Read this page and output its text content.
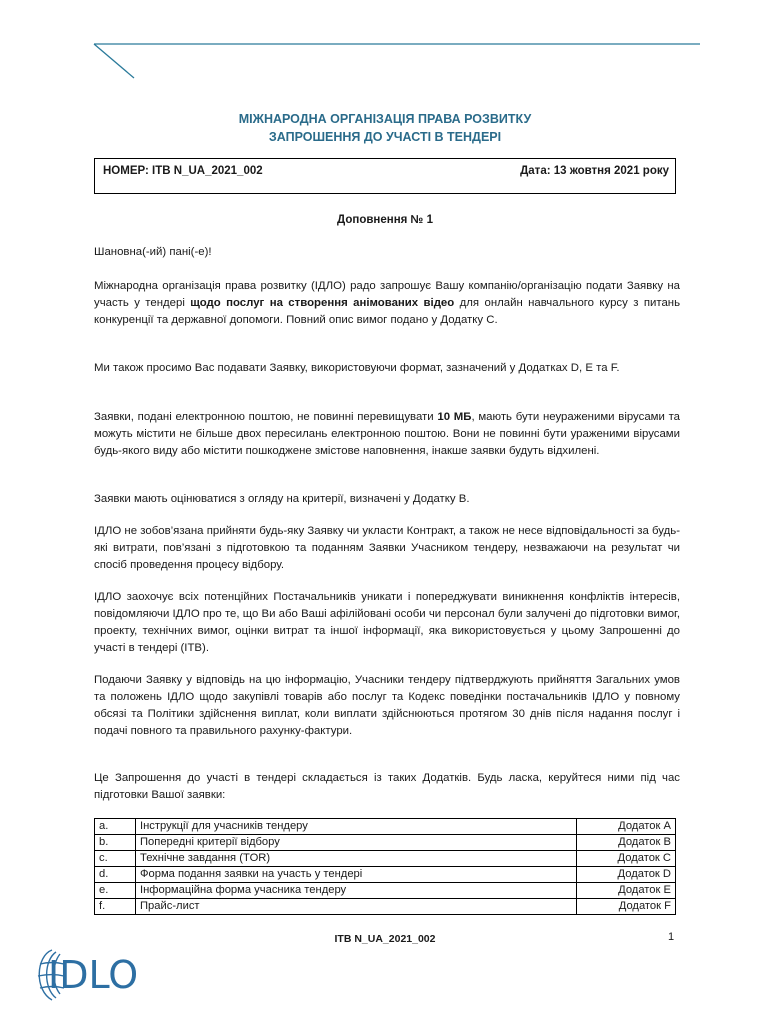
МІЖНАРОДНА ОРГАНІЗАЦІЯ ПРАВА РОЗВИТКУ
ЗАПРОШЕННЯ ДО УЧАСТІ В ТЕНДЕРІ
НОМЕР: ITB N_UA_2021_002	Дата: 13 жовтня 2021 року
Доповнення № 1

Шановна(-ий) пані(-е)!

Міжнародна організація права розвитку (ІДЛО) радо запрошує Вашу компанію/організацію подати Заявку на участь у тендері щодо послуг на створення анімованих відео для онлайн навчального курсу з питань конкуренції та державної допомоги. Повний опис вимог подано у Додатку С.

Ми також просимо Вас подавати Заявку, використовуючи формат, зазначений у Додатках D, E та F.

Заявки, подані електронною поштою, не повинні перевищувати 10 МБ, мають бути неураженими вірусами та можуть містити не більше двох пересилань електронною поштою. Вони не повинні бути ураженими вірусами будь-якого виду або містити пошкоджене змістове наповнення, інакше заявки будуть відхилені.

Заявки мають оцінюватися з огляду на критерії, визначені у Додатку B.

ІДЛО не зобов’язана прийняти будь-яку Заявку чи укласти Контракт, а також не несе відповідальності за будь-які витрати, пов’язані з підготовкою та поданням Заявки Учасником тендеру, незважаючи на результат чи спосіб проведення процесу відбору.

ІДЛО заохочує всіх потенційних Постачальників уникати і попереджувати виникнення конфліктів інтересів, повідомляючи ІДЛО про те, що Ви або Ваші афілійовані особи чи персонал були залучені до підготовки вимог, проекту, технічних вимог, оцінки витрат та іншої інформації, яка використовується у цьому Запрошенні до участі в тендері (ITB).

Подаючи Заявку у відповідь на цю інформацію, Учасники тендеру підтверджують прийняття Загальних умов та положень ІДЛО щодо закупівлі товарів або послуг та Кодекс поведінки постачальників ІДЛО у повному обсязі та Політики здійснення виплат, коли виплати здійснюються протягом 30 днів після надання послуг і подачі повного та правильного рахунку-фактури.

Це Запрошення до участі в тендері складається із таких Додатків. Будь ласка, керуйтеся ними під час підготовки Вашої заявки:

a.	Інструкції для учасників тендеру	Додаток A
b.	Попередні критерії відбору	Додаток B
c.	Технічне завдання (TOR)	Додаток C
d.	Форма подання заявки на участь у тендері	Додаток D
e.	Інформаційна форма учасника тендеру	Додаток E
f.	Прайс-лист	Додаток F
ITB N_UA_2021_002	1
IDLO
